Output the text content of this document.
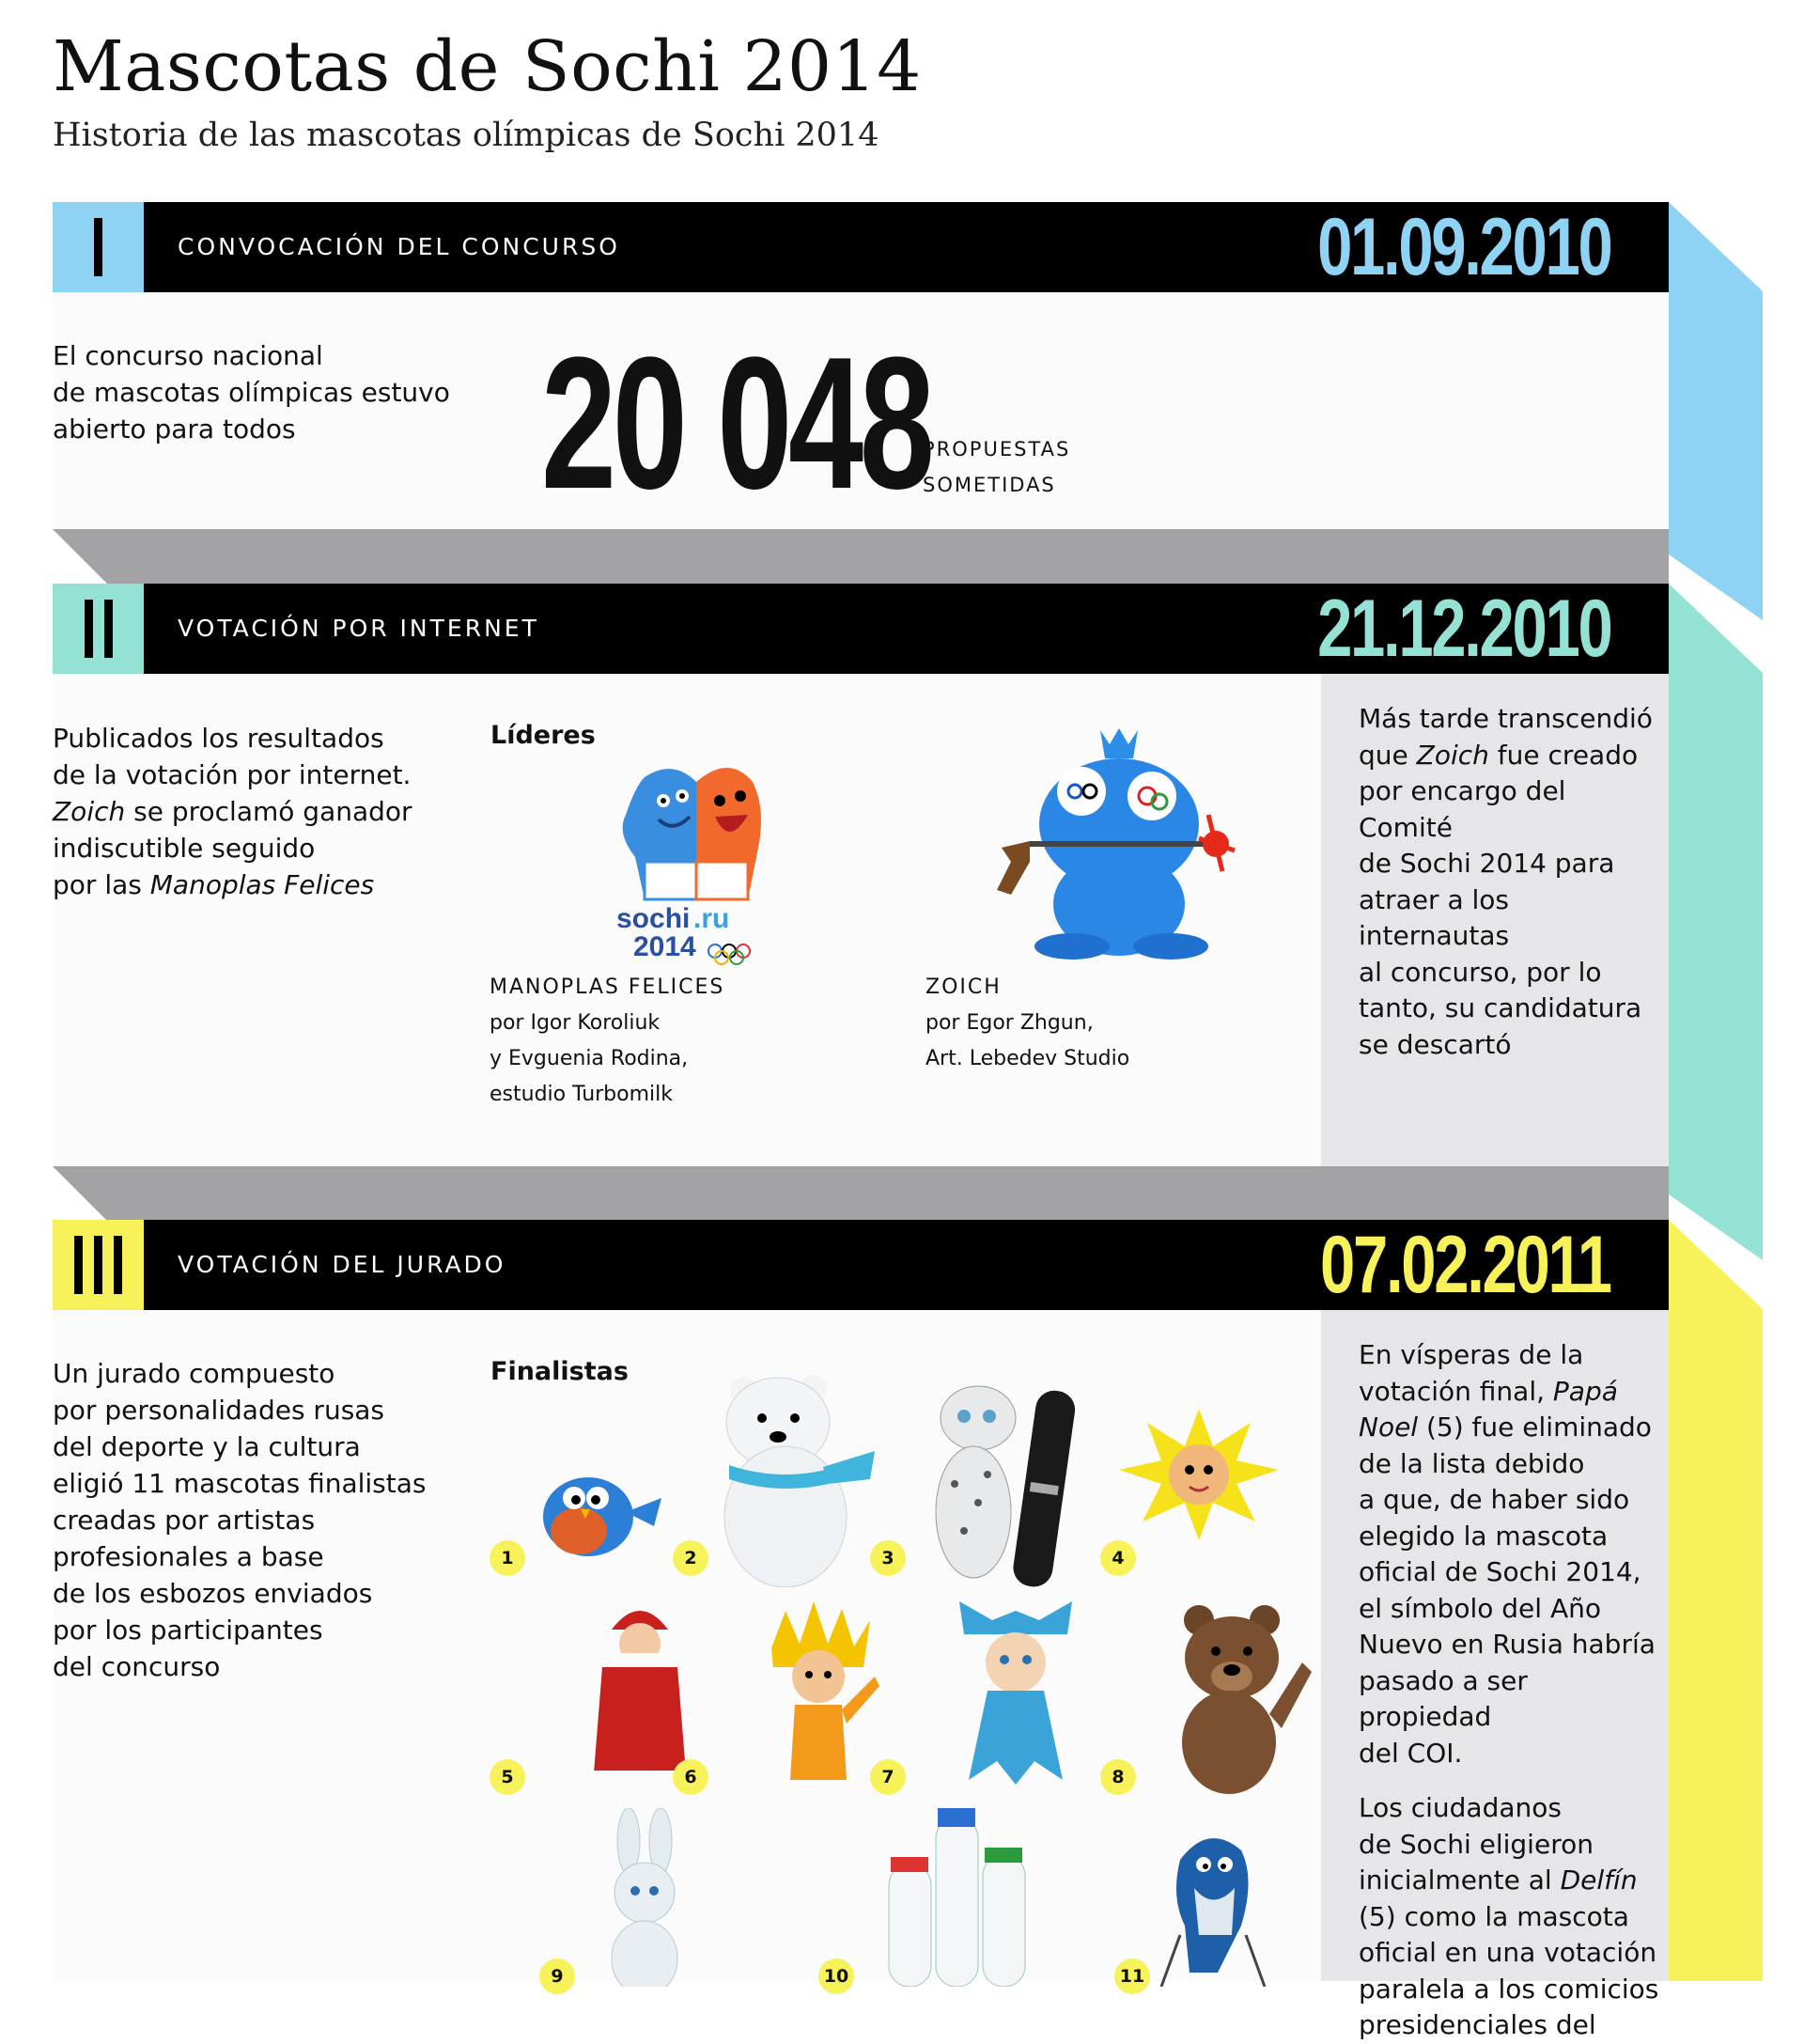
Mascotas de Sochi 2014
Historia de las mascotas olímpicas de Sochi 2014
CONVOCACIÓN DEL CONCURSO	01.09.2010

El concurso nacional
de mascotas olímpicas estuvo
abierto para todos	20 048
PROPUESTAS
SOMETIDAS
VOTACIÓN POR INTERNET	21.12.2010

Publicados los resultados
de la votación por internet.
Zoich se proclamó ganador
indiscutible seguido
por las Manoplas Felices

Líderes
sochi .ru
2014
MANOPLAS FELICES
por Igor Koroliuk
y Evguenia Rodina,
estudio Turbomilk
ZOICH
por Egor Zhgun,
Art. Lebedev Studio

Más tarde transcendió
que Zoich fue creado
por encargo del Comité
de Sochi 2014 para
atraer a los internautas
al concurso, por lo
tanto, su candidatura
se descartó

VOTACIÓN DEL JURADO	07.02.2011

Un jurado compuesto
por personalidades rusas
del deporte y la cultura
eligió 11 mascotas finalistas
creadas por artistas
profesionales a base
de los esbozos enviados
por los participantes
del concurso

Finalistas
1	2	3	4
5	6	7	8
9	10	11

En vísperas de la
votación final, Papá
Noel (5) fue eliminado
de la lista debido
a que, de haber sido
elegido la mascota
oficial de Sochi 2014,
el símbolo del Año
Nuevo en Rusia habría
pasado a ser propiedad
del COI.

Los ciudadanos
de Sochi eligieron
inicialmente al Delfín
(5) como la mascota
oficial en una votación
paralela a los comicios
presidenciales del
